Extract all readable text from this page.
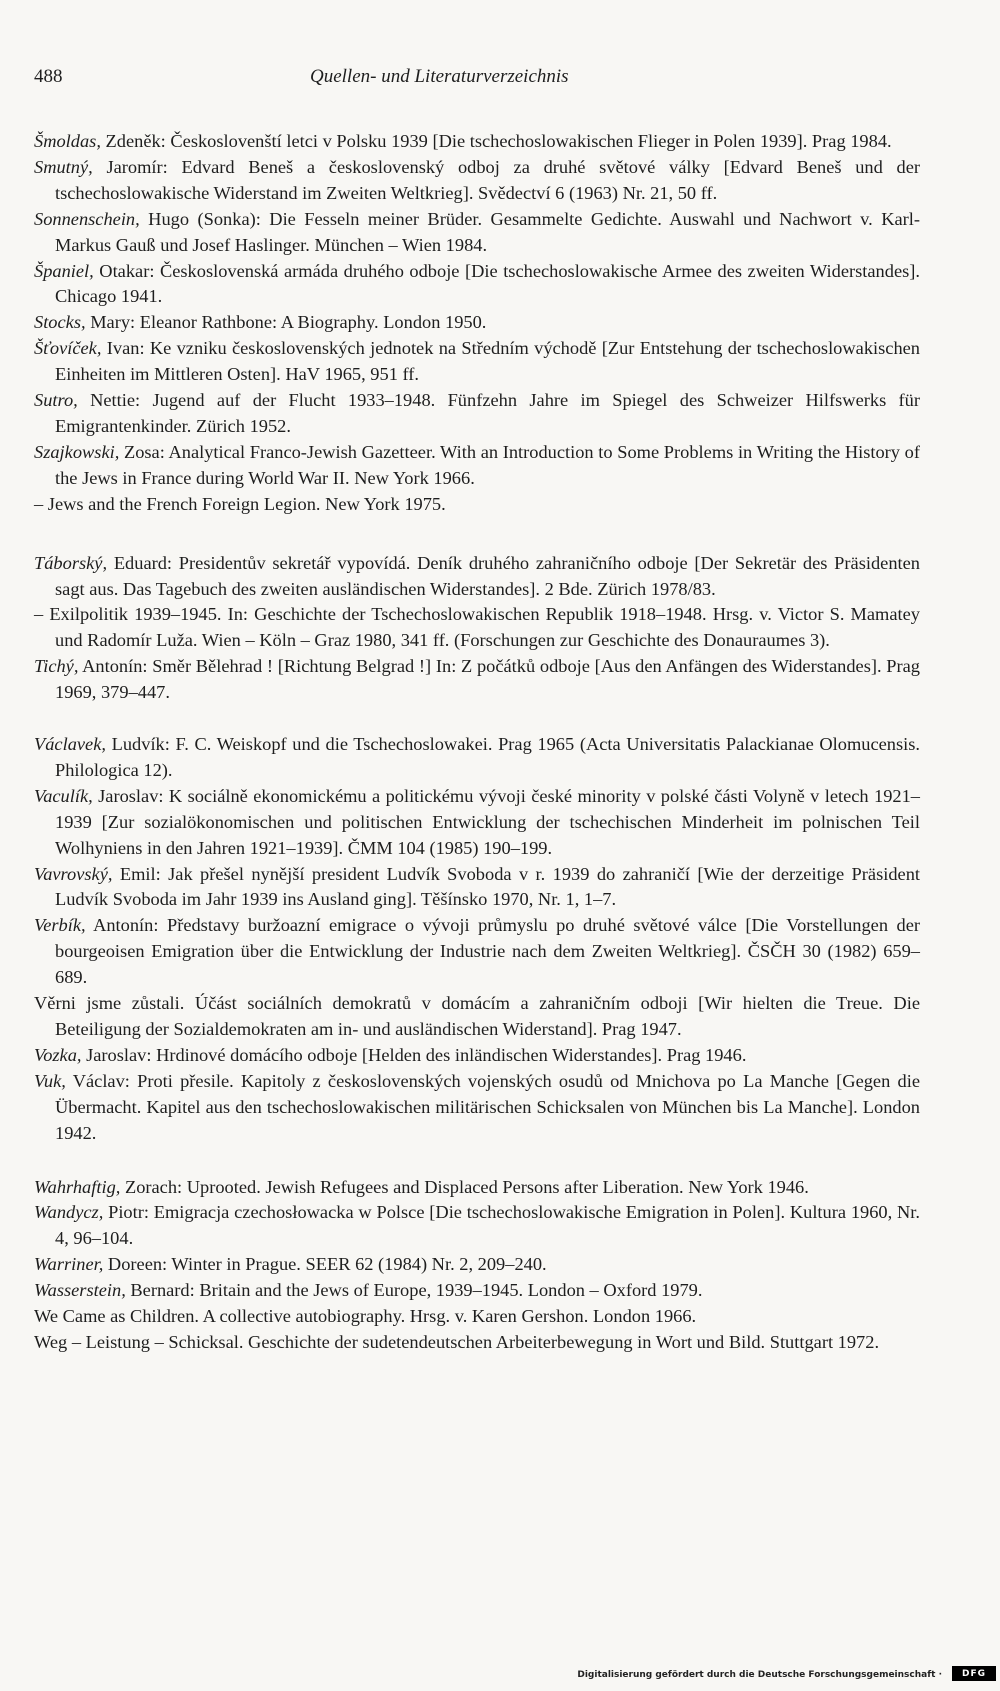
488	Quellen- und Literaturverzeichnis

Šmoldas, Zdeněk: Českoslovenští letci v Polsku 1939 [Die tschechoslowakischen Flieger in Polen 1939]. Prag 1984.

Smutný, Jaromír: Edvard Beneš a československý odboj za druhé světové války [Edvard Beneš und der tschechoslowakische Widerstand im Zweiten Weltkrieg]. Svědectví 6 (1963) Nr. 21, 50 ff.

Sonnenschein, Hugo (Sonka): Die Fesseln meiner Brüder. Gesammelte Gedichte. Auswahl und Nachwort v. Karl-Markus Gauß und Josef Haslinger. München – Wien 1984.

Španiel, Otakar: Československá armáda druhého odboje [Die tschechoslowakische Armee des zweiten Widerstandes]. Chicago 1941.

Stocks, Mary: Eleanor Rathbone: A Biography. London 1950.

Šťovíček, Ivan: Ke vzniku československých jednotek na Středním východě [Zur Entstehung der tschechoslowakischen Einheiten im Mittleren Osten]. HaV 1965, 951 ff.

Sutro, Nettie: Jugend auf der Flucht 1933–1948. Fünfzehn Jahre im Spiegel des Schweizer Hilfswerks für Emigrantenkinder. Zürich 1952.

Szajkowski, Zosa: Analytical Franco-Jewish Gazetteer. With an Introduction to Some Problems in Writing the History of the Jews in France during World War II. New York 1966.

– Jews and the French Foreign Legion. New York 1975.

Táborský, Eduard: Presidentův sekretář vypovídá. Deník druhého zahraničního odboje [Der Sekretär des Präsidenten sagt aus. Das Tagebuch des zweiten ausländischen Widerstandes]. 2 Bde. Zürich 1978/83.

– Exilpolitik 1939–1945. In: Geschichte der Tschechoslowakischen Republik 1918–1948. Hrsg. v. Victor S. Mamatey und Radomír Luža. Wien – Köln – Graz 1980, 341 ff. (Forschungen zur Geschichte des Donauraumes 3).

Tichý, Antonín: Směr Bělehrad ! [Richtung Belgrad !] In: Z počátků odboje [Aus den Anfängen des Widerstandes]. Prag 1969, 379–447.

Václavek, Ludvík: F. C. Weiskopf und die Tschechoslowakei. Prag 1965 (Acta Universitatis Palackianae Olomucensis. Philologica 12).

Vaculík, Jaroslav: K sociálně ekonomickému a politickému vývoji české minority v polské části Volyně v letech 1921–1939 [Zur sozialökonomischen und politischen Entwicklung der tschechischen Minderheit im polnischen Teil Wolhyniens in den Jahren 1921–1939]. ČMM 104 (1985) 190–199.

Vavrovský, Emil: Jak přešel nynější president Ludvík Svoboda v r. 1939 do zahraničí [Wie der derzeitige Präsident Ludvík Svoboda im Jahr 1939 ins Ausland ging]. Těšínsko 1970, Nr. 1, 1–7.

Verbík, Antonín: Představy buržoazní emigrace o vývoji průmyslu po druhé světové válce [Die Vorstellungen der bourgeoisen Emigration über die Entwicklung der Industrie nach dem Zweiten Weltkrieg]. ČSČH 30 (1982) 659–689.

Věrni jsme zůstali. Účást sociálních demokratů v domácím a zahraničním odboji [Wir hielten die Treue. Die Beteiligung der Sozialdemokraten am in- und ausländischen Widerstand]. Prag 1947.

Vozka, Jaroslav: Hrdinové domácího odboje [Helden des inländischen Widerstandes]. Prag 1946.

Vuk, Václav: Proti přesile. Kapitoly z československých vojenských osudů od Mnichova po La Manche [Gegen die Übermacht. Kapitel aus den tschechoslowakischen militärischen Schicksalen von München bis La Manche]. London 1942.

Wahrhaftig, Zorach: Uprooted. Jewish Refugees and Displaced Persons after Liberation. New York 1946.

Wandycz, Piotr: Emigracja czechosłowacka w Polsce [Die tschechoslowakische Emigration in Polen]. Kultura 1960, Nr. 4, 96–104.

Warriner, Doreen: Winter in Prague. SEER 62 (1984) Nr. 2, 209–240.

Wasserstein, Bernard: Britain and the Jews of Europe, 1939–1945. London – Oxford 1979.

We Came as Children. A collective autobiography. Hrsg. v. Karen Gershon. London 1966.

Weg – Leistung – Schicksal. Geschichte der sudetendeutschen Arbeiterbewegung in Wort und Bild. Stuttgart 1972.

Digitalisierung gefördert durch die Deutsche Forschungsgemeinschaft · DFG
